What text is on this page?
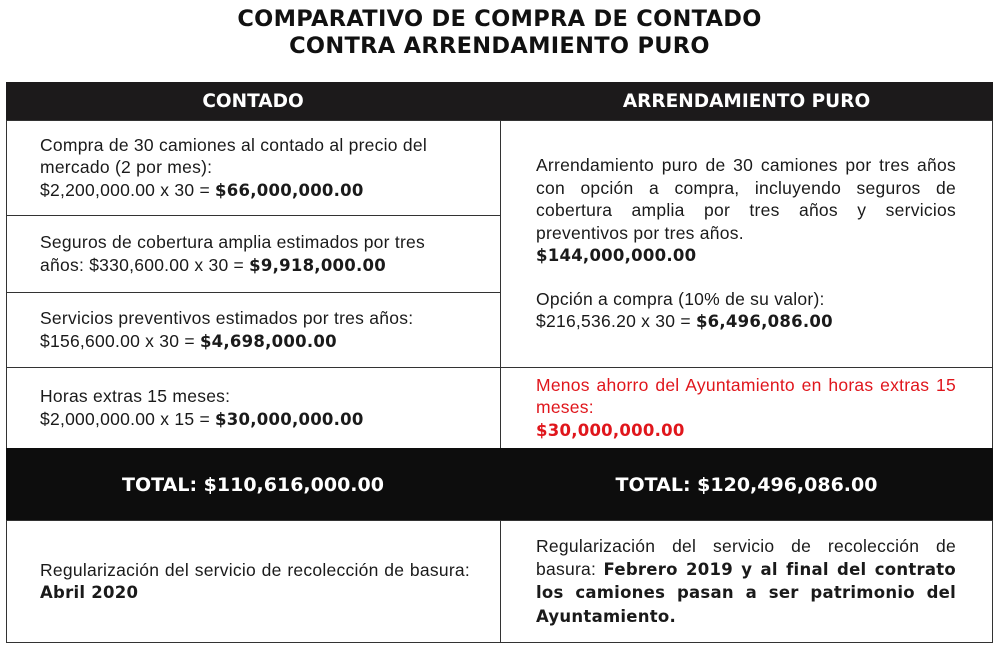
COMPARATIVO DE COMPRA DE CONTADO
CONTRA ARRENDAMIENTO PURO
CONTADO	ARRENDAMIENTO PURO

Compra de 30 camiones al contado al precio del mercado (2 por mes):
$2,200,000.00 x 30 = $66,000,000.00

Seguros de cobertura amplia estimados por tres años: $330,600.00 x 30 = $9,918,000.00

Servicios preventivos estimados por tres años:
$156,600.00 x 30 = $4,698,000.00

Horas extras 15 meses:
$2,000,000.00 x 15 = $30,000,000.00

Arrendamiento puro de 30 camiones por tres años con opción a compra, incluyendo seguros de cobertura amplia por tres años y servicios preventivos por tres años.
$144,000,000.00

Opción a compra (10% de su valor):
$216,536.20 x 30 = $6,496,086.00

Menos ahorro del Ayuntamiento en horas extras 15 meses:
$30,000,000.00

TOTAL: $110,616,000.00	TOTAL: $120,496,086.00

Regularización del servicio de recolección de basura: Abril 2020

Regularización del servicio de recolección de basura: Febrero 2019 y al final del contrato los camiones pasan a ser patrimonio del Ayuntamiento.
